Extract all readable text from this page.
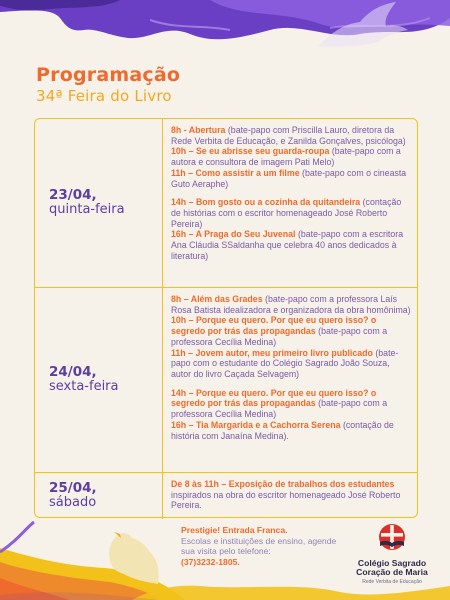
Programação
34ª Feira do Livro
23/04,
quinta-feira
8h - Abertura (bate-papo com Priscilla Lauro, diretora da Rede Verbita de Educação, e Zanilda Gonçalves, psicóloga)
10h – Se eu abrisse seu guarda-roupa (bate-papo com a autora e consultora de imagem Pati Melo)
11h – Como assistir a um filme (bate-papo com o cineasta Guto Aeraphe)
14h – Bom gosto ou a cozinha da quitandeira (contação de histórias com o escritor homenageado José Roberto Pereira)
16h – A Praga do Seu Juvenal (bate-papo com a escritora Ana Cláudia SSaldanha que celebra 40 anos dedicados à literatura)
24/04,
sexta-feira
8h – Além das Grades (bate-papo com a professora Laís Rosa Batista idealizadora e organizadora da obra homônima)
10h – Porque eu quero. Por que eu quero isso? o segredo por trás das propagandas (bate-papo com a professora Cecília Medina)
11h – Jovem autor, meu primeiro livro publicado (bate-papo com o estudante do Colégio Sagrado João Souza, autor do livro Caçada Selvagem)
14h – Porque eu quero. Por que eu quero isso? o segredo por trás das propagandas (bate-papo com a professora Cecília Medina)
16h – Tia Margarida e a Cachorra Serena (contação de história com Janaína Medina).
25/04,
sábado
De 8 às 11h – Exposição de trabalhos dos estudantes inspirados na obra do escritor homenageado José Roberto Pereira.
Prestigie! Entrada Franca.
Escolas e instituições de ensino, agende sua visita pelo telefone:
(37)3232-1805.	Colégio Sagrado
Coração de Maria
Rede Verbita de Educação
